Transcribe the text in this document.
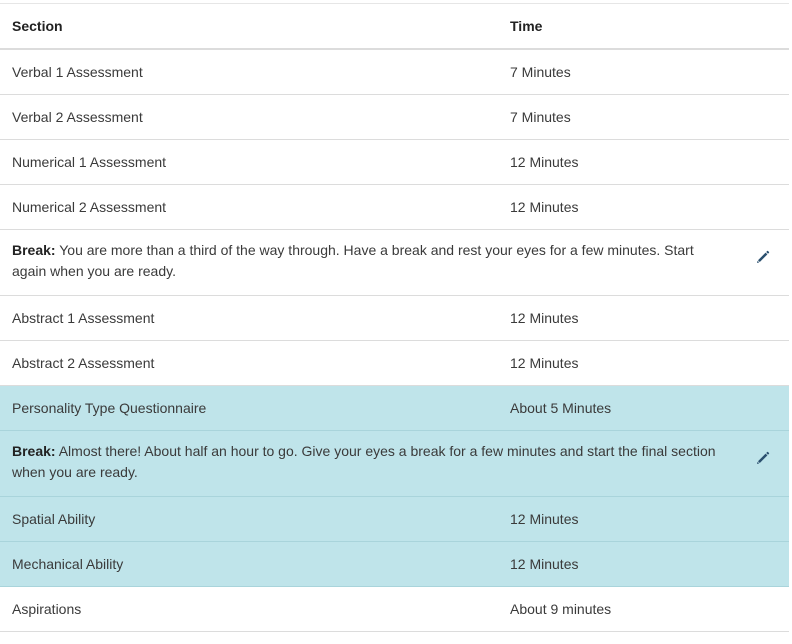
Section	Time
Verbal 1 Assessment	7 Minutes
Verbal 2 Assessment	7 Minutes
Numerical 1 Assessment	12 Minutes
Numerical 2 Assessment	12 Minutes
Break: You are more than a third of the way through. Have a break and rest your eyes for a few minutes. Start again when you are ready.	

Abstract 1 Assessment	12 Minutes
Abstract 2 Assessment	12 Minutes
Personality Type Questionnaire	About 5 Minutes
Break: Almost there! About half an hour to go. Give your eyes a break for a few minutes and start the final section when you are ready.	

Spatial Ability	12 Minutes
Mechanical Ability	12 Minutes
Aspirations	About 9 minutes
